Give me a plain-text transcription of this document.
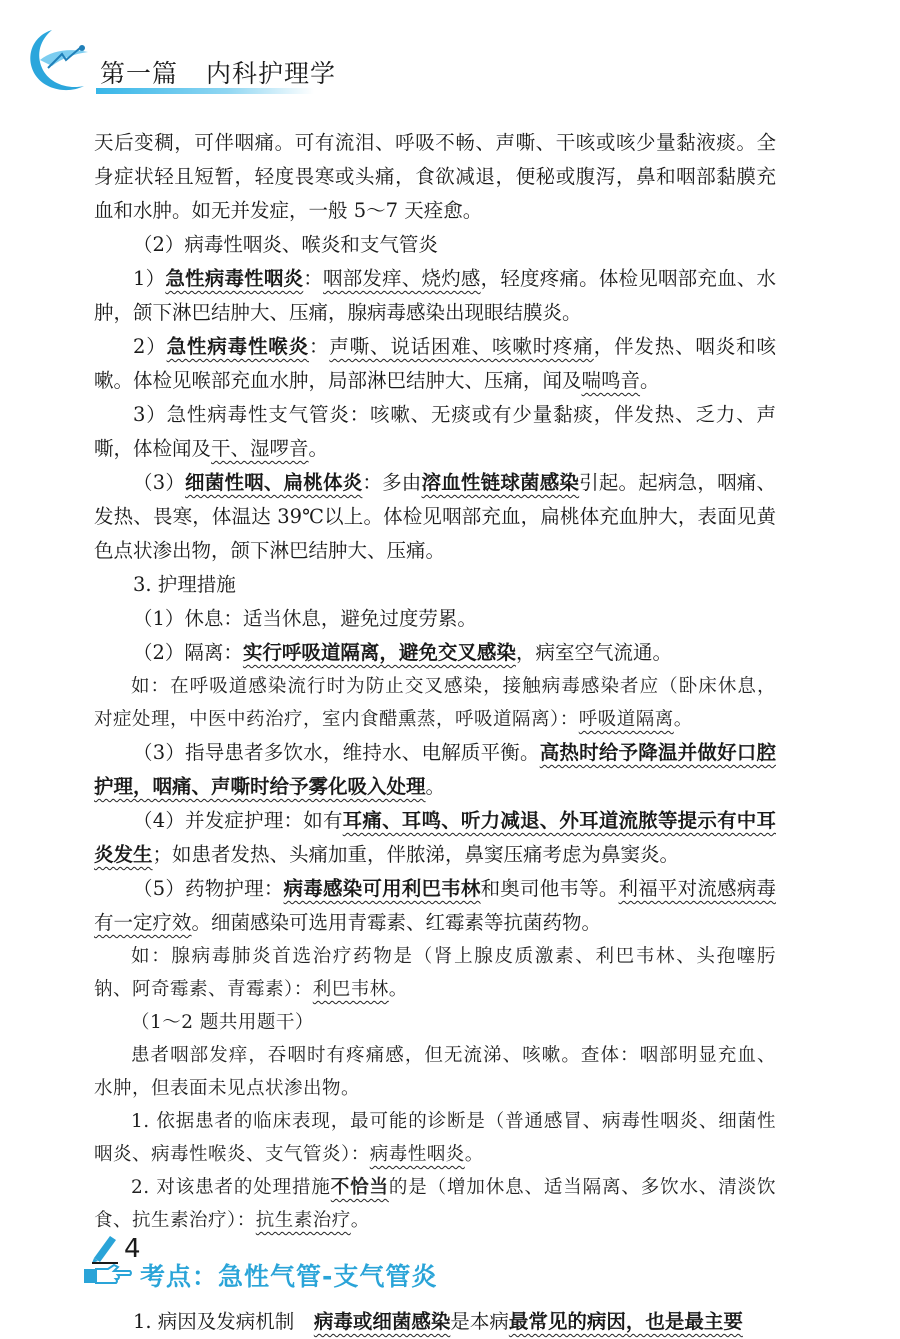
第一篇 内科护理学

天后变稠，可伴咽痛。可有流泪、呼吸不畅、声嘶、干咳或咳少量黏液痰。全身症状轻且短暂，轻度畏寒或头痛，食欲减退，便秘或腹泻，鼻和咽部黏膜充血和水肿。如无并发症，一般 5～7 天痊愈。

（2）病毒性咽炎、喉炎和支气管炎

1）急性病毒性咽炎：咽部发痒、烧灼感，轻度疼痛。体检见咽部充血、水肿，颌下淋巴结肿大、压痛，腺病毒感染出现眼结膜炎。

2）急性病毒性喉炎：声嘶、说话困难、咳嗽时疼痛，伴发热、咽炎和咳嗽。体检见喉部充血水肿，局部淋巴结肿大、压痛，闻及喘鸣音。

3）急性病毒性支气管炎：咳嗽、无痰或有少量黏痰，伴发热、乏力、声嘶，体检闻及干、湿啰音。

（3）细菌性咽、扁桃体炎：多由溶血性链球菌感染引起。起病急，咽痛、发热、畏寒，体温达 39℃以上。体检见咽部充血，扁桃体充血肿大，表面见黄色点状渗出物，颌下淋巴结肿大、压痛。

3. 护理措施

（1）休息：适当休息，避免过度劳累。

（2）隔离：实行呼吸道隔离，避免交叉感染，病室空气流通。

如：在呼吸道感染流行时为防止交叉感染，接触病毒感染者应（卧床休息，对症处理，中医中药治疗，室内食醋熏蒸，呼吸道隔离）：呼吸道隔离。

（3）指导患者多饮水，维持水、电解质平衡。高热时给予降温并做好口腔护理，咽痛、声嘶时给予雾化吸入处理。

（4）并发症护理：如有耳痛、耳鸣、听力减退、外耳道流脓等提示有中耳炎发生；如患者发热、头痛加重，伴脓涕，鼻窦压痛考虑为鼻窦炎。

（5）药物护理：病毒感染可用利巴韦林和奥司他韦等。利福平对流感病毒有一定疗效。细菌感染可选用青霉素、红霉素等抗菌药物。

如：腺病毒肺炎首选治疗药物是（肾上腺皮质激素、利巴韦林、头孢噻肟钠、阿奇霉素、青霉素）：利巴韦林。

（1～2 题共用题干）

患者咽部发痒，吞咽时有疼痛感，但无流涕、咳嗽。查体：咽部明显充血、水肿，但表面未见点状渗出物。

1. 依据患者的临床表现，最可能的诊断是（普通感冒、病毒性咽炎、细菌性咽炎、病毒性喉炎、支气管炎）：病毒性咽炎。

2. 对该患者的处理措施不恰当的是（增加休息、适当隔离、多饮水、清淡饮食、抗生素治疗）：抗生素治疗。

考点：急性气管-支气管炎

1. 病因及发病机制　病毒或细菌感染是本病最常见的病因，也是最主要

4
